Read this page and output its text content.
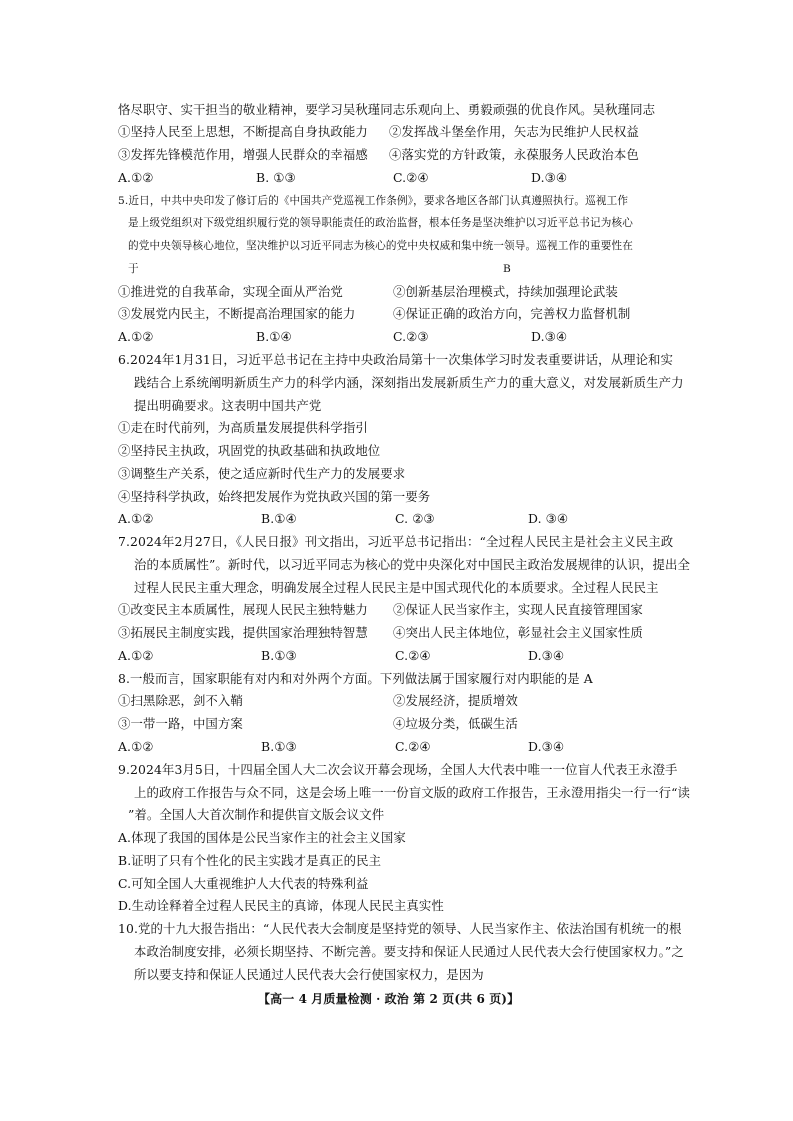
恪尽职守、实干担当的敬业精神，要学习吴秋瑾同志乐观向上、勇毅顽强的优良作风。吴秋瑾同志
①坚持人民至上思想，不断提高自身执政能力 ②发挥战斗堡垒作用，矢志为民维护人民权益
③发挥先锋模范作用，增强人民群众的幸福感 ④落实党的方针政策，永葆服务人民政治本色
A.①②	B. ①③	C.②④	D.③④
5.近日，中共中央印发了修订后的《中国共产党巡视工作条例》，要求各地区各部门认真遵照执行。巡视工作
是上级党组织对下级党组织履行党的领导职能责任的政治监督，根本任务是坚决维护以习近平总书记为核心
的党中央领导核心地位，坚决维护以习近平同志为核心的党中央权威和集中统一领导。巡视工作的重要性在
于	B
①推进党的自我革命，实现全面从严治党	②创新基层治理模式，持续加强理论武装
③发展党内民主，不断提高治理国家的能力	④保证正确的政治方向，完善权力监督机制
A.①②	B.①④	C.②③	D.③④
6.2024年1月31日，习近平总书记在主持中央政治局第十一次集体学习时发表重要讲话，从理论和实
践结合上系统阐明新质生产力的科学内涵，深刻指出发展新质生产力的重大意义，对发展新质生产力
提出明确要求。这表明中国共产党
①走在时代前列，为高质量发展提供科学指引
②坚持民主执政，巩固党的执政基础和执政地位
③调整生产关系，使之适应新时代生产力的发展要求
④坚持科学执政，始终把发展作为党执政兴国的第一要务
A.①②	B.①④	C. ②③	D. ③④
7.2024年2月27日，《人民日报》刊文指出，习近平总书记指出：“全过程人民民主是社会主义民主政
治的本质属性”。新时代，以习近平同志为核心的党中央深化对中国民主政治发展规律的认识，提出全
过程人民民主重大理念，明确发展全过程人民民主是中国式现代化的本质要求。全过程人民民主
①改变民主本质属性，展现人民民主独特魅力 ②保证人民当家作主，实现人民直接管理国家
③拓展民主制度实践，提供国家治理独特智慧 ④突出人民主体地位，彰显社会主义国家性质
A.①②	B.①③	C.②④	D.③④
8.一般而言，国家职能有对内和对外两个方面。下列做法属于国家履行对内职能的是 A
①扫黑除恶，剑不入鞘	②发展经济，提质增效
③一带一路，中国方案	④垃圾分类，低碳生活
A.①②	B.①③	C.②④	D.③④
9.2024年3月5日，十四届全国人大二次会议开幕会现场，全国人大代表中唯一一位盲人代表王永澄手
上的政府工作报告与众不同，这是会场上唯一一份盲文版的政府工作报告，王永澄用指尖一行一行“读
”着。全国人大首次制作和提供盲文版会议文件
A.体现了我国的国体是公民当家作主的社会主义国家
B.证明了只有个性化的民主实践才是真正的民主
C.可知全国人大重视维护人大代表的特殊利益
D.生动诠释着全过程人民民主的真谛，体现人民民主真实性
10.党的十九大报告指出：“人民代表大会制度是坚持党的领导、人民当家作主、依法治国有机统一的根
本政治制度安排，必须长期坚持、不断完善。要支持和保证人民通过人民代表大会行使国家权力。”之
所以要支持和保证人民通过人民代表大会行使国家权力，是因为
【高一 4 月质量检测 · 政治 第 2 页(共 6 页)】
